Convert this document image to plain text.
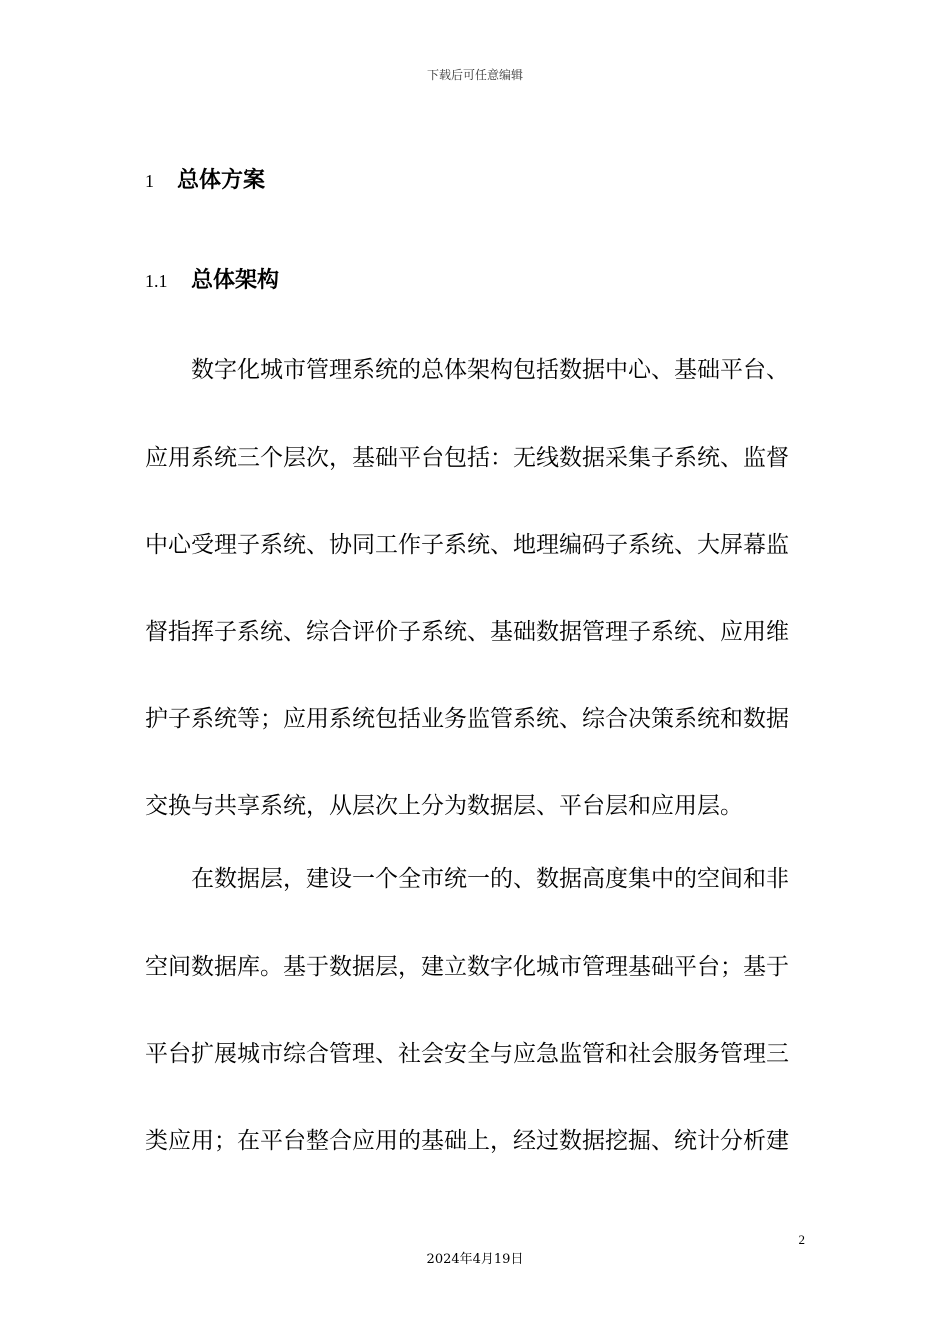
下载后可任意编辑
1	总体方案
1.1	总体架构
数字化城市管理系统的总体架构包括数据中心、基础平台、
应用系统三个层次，基础平台包括：无线数据采集子系统、监督
中心受理子系统、协同工作子系统、地理编码子系统、大屏幕监
督指挥子系统、综合评价子系统、基础数据管理子系统、应用维
护子系统等；应用系统包括业务监管系统、综合决策系统和数据
交换与共享系统，从层次上分为数据层、平台层和应用层。
在数据层，建设一个全市统一的、数据高度集中的空间和非
空间数据库。基于数据层，建立数字化城市管理基础平台；基于
平台扩展城市综合管理、社会安全与应急监管和社会服务管理三
类应用；在平台整合应用的基础上，经过数据挖掘、统计分析建
2
2024年4月19日
